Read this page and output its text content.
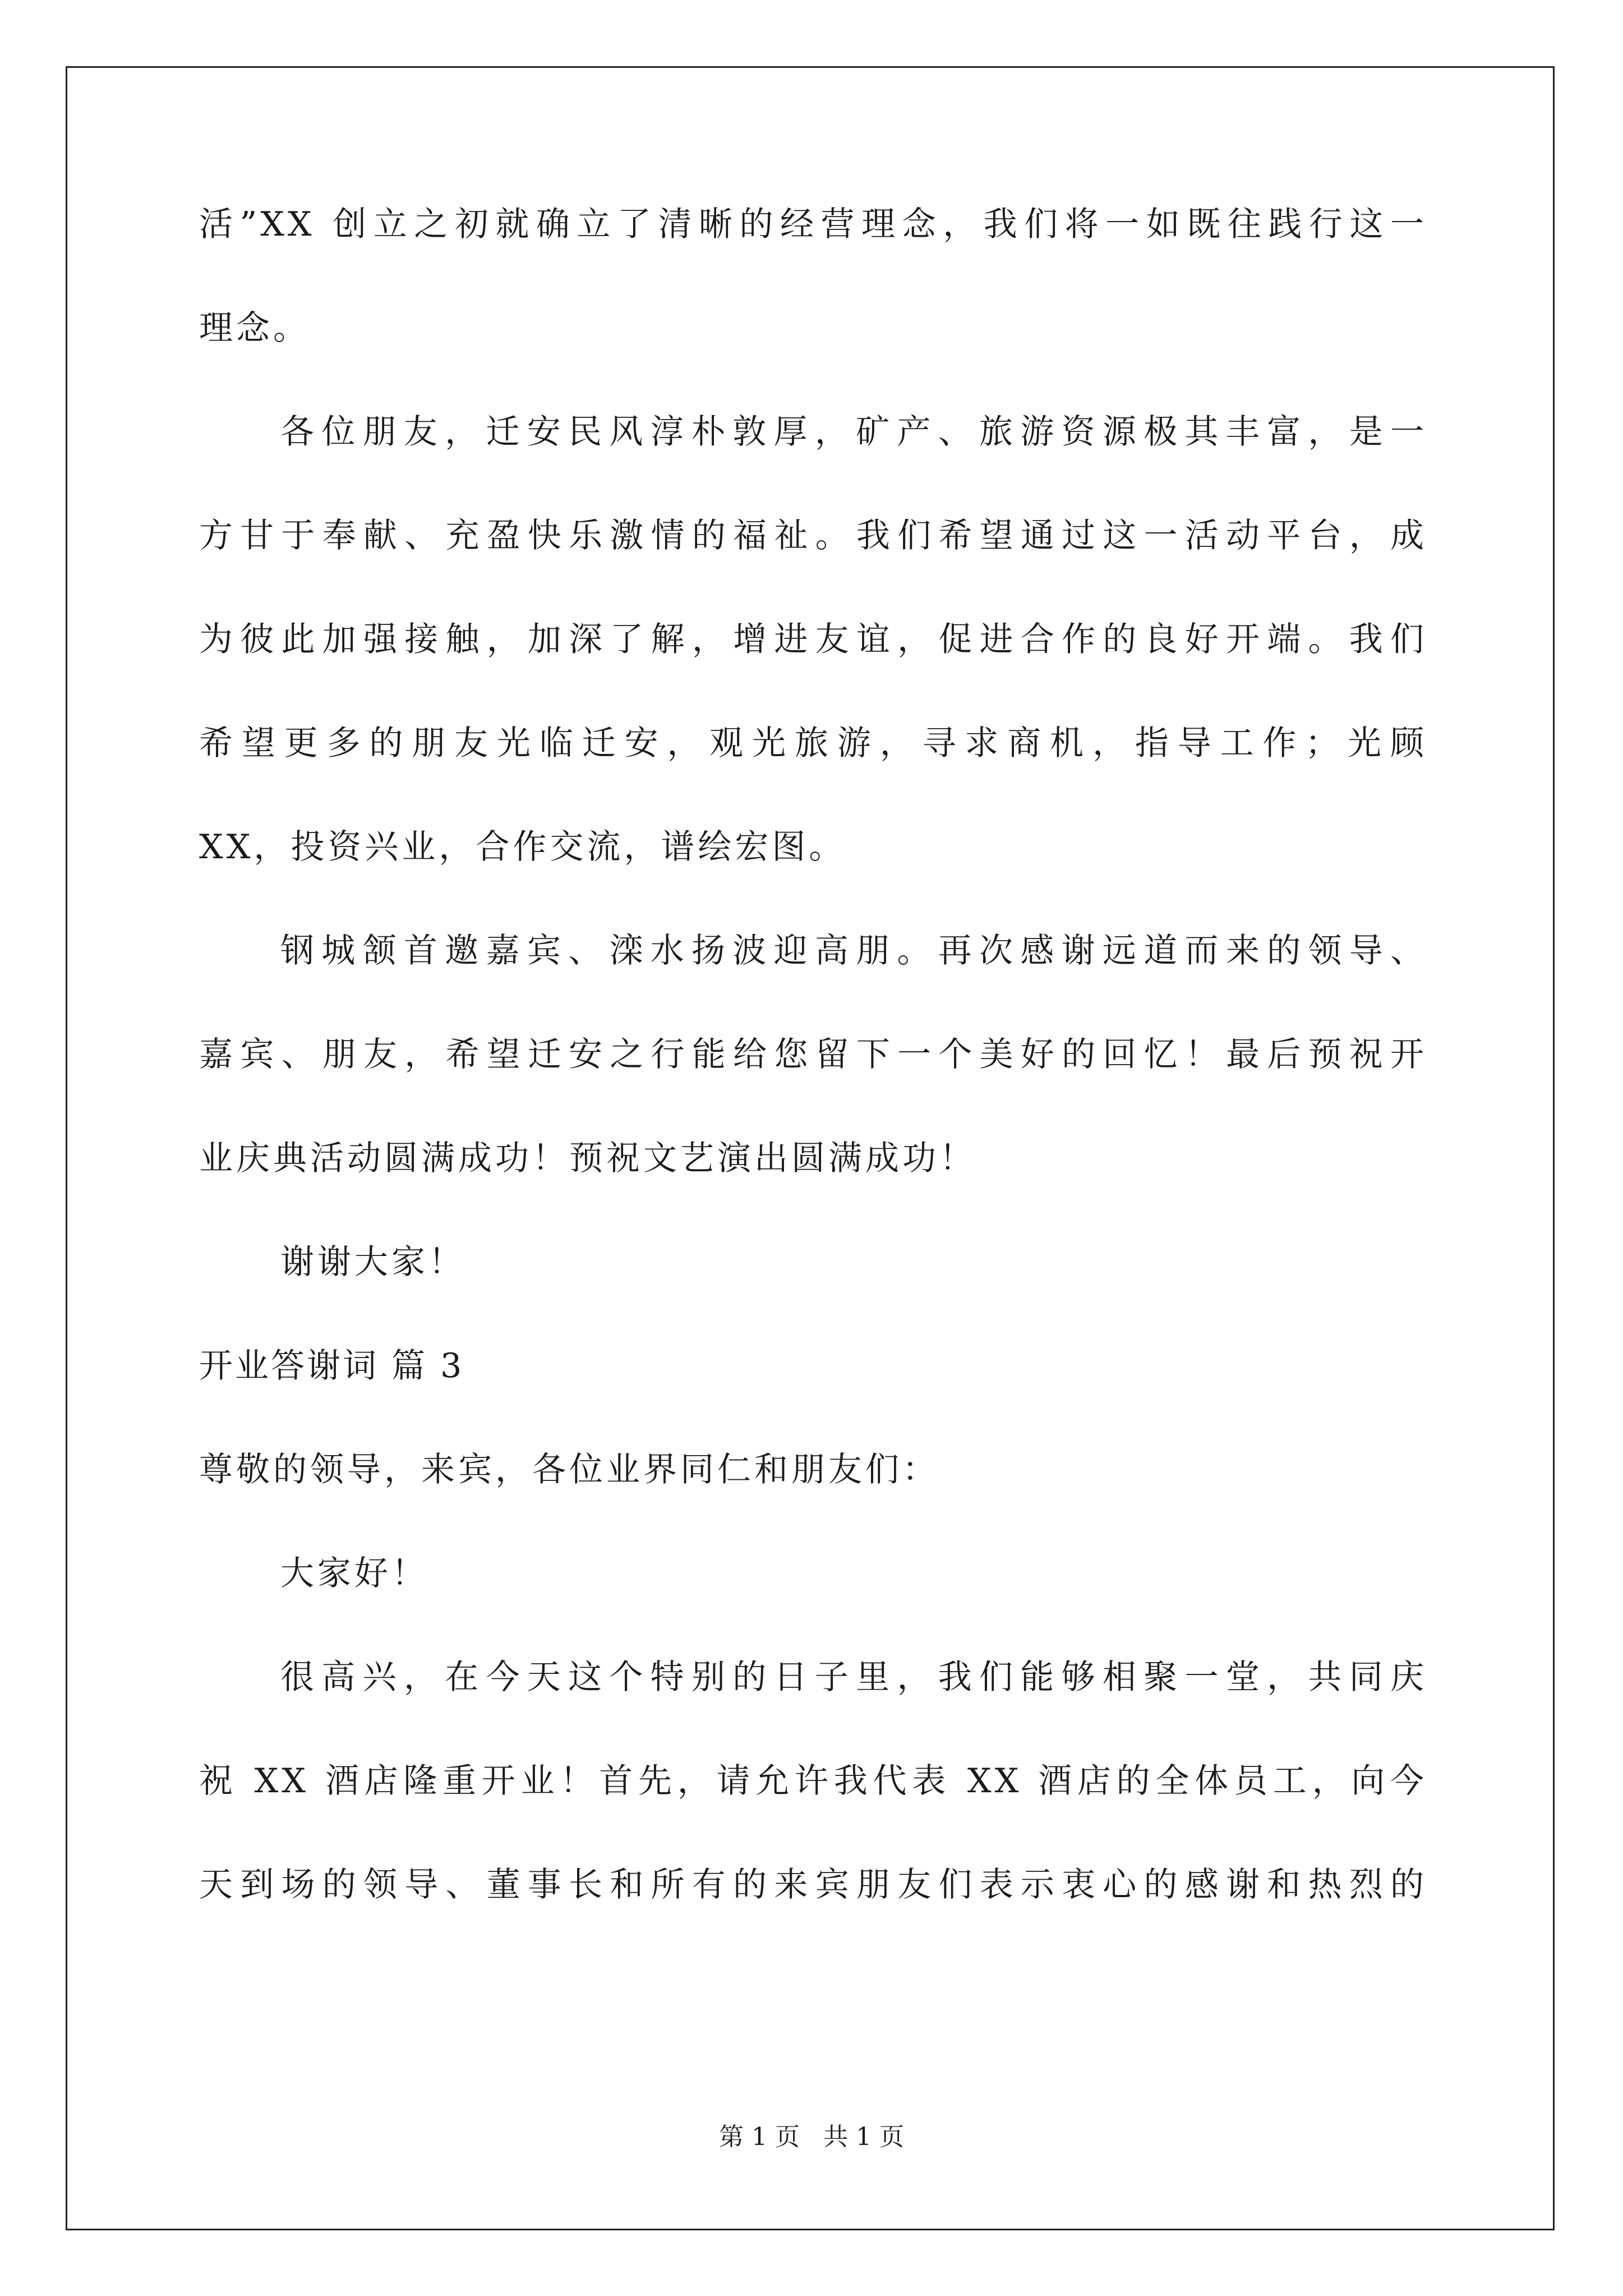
活”XX 创立之初就确立了清晰的经营理念，我们将一如既往践行这一
理念。
各位朋友，迁安民风淳朴敦厚，矿产、旅游资源极其丰富，是一
方甘于奉献、充盈快乐激情的福祉。我们希望通过这一活动平台，成
为彼此加强接触，加深了解，增进友谊，促进合作的良好开端。我们
希望更多的朋友光临迁安，观光旅游，寻求商机，指导工作；光顾
XX，投资兴业，合作交流，谱绘宏图。
钢城颔首邀嘉宾、滦水扬波迎高朋。再次感谢远道而来的领导、
嘉宾、朋友，希望迁安之行能给您留下一个美好的回忆！最后预祝开
业庆典活动圆满成功！预祝文艺演出圆满成功！
谢谢大家！
开业答谢词 篇 3
尊敬的领导，来宾，各位业界同仁和朋友们：
大家好！
很高兴，在今天这个特别的日子里，我们能够相聚一堂，共同庆
祝 XX 酒店隆重开业！首先，请允许我代表 XX 酒店的全体员工，向今
天到场的领导、董事长和所有的来宾朋友们表示衷心的感谢和热烈的
第 1 页 共 1 页
